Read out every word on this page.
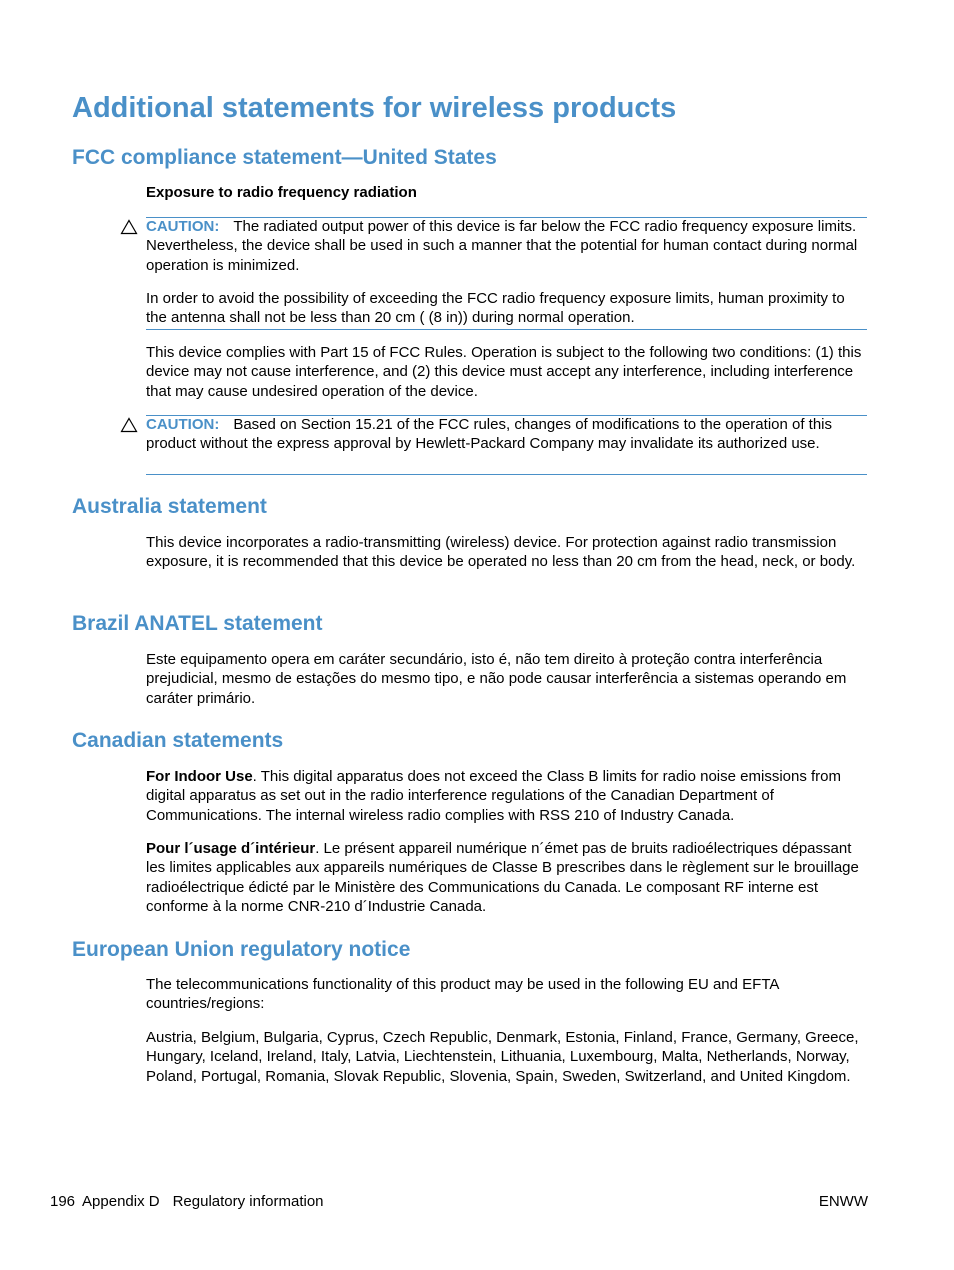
Additional statements for wireless products
FCC compliance statement—United States

Exposure to radio frequency radiation

CAUTION: The radiated output power of this device is far below the FCC radio frequency exposure limits. Nevertheless, the device shall be used in such a manner that the potential for human contact during normal operation is minimized.

In order to avoid the possibility of exceeding the FCC radio frequency exposure limits, human proximity to the antenna shall not be less than 20 cm ( (8 in)) during normal operation.

This device complies with Part 15 of FCC Rules. Operation is subject to the following two conditions: (1) this device may not cause interference, and (2) this device must accept any interference, including interference that may cause undesired operation of the device.

CAUTION: Based on Section 15.21 of the FCC rules, changes of modifications to the operation of this product without the express approval by Hewlett-Packard Company may invalidate its authorized use.

Australia statement

This device incorporates a radio-transmitting (wireless) device. For protection against radio transmission exposure, it is recommended that this device be operated no less than 20 cm from the head, neck, or body.

Brazil ANATEL statement

Este equipamento opera em caráter secundário, isto é, não tem direito à proteção contra interferência prejudicial, mesmo de estações do mesmo tipo, e não pode causar interferência a sistemas operando em caráter primário.

Canadian statements

For Indoor Use. This digital apparatus does not exceed the Class B limits for radio noise emissions from digital apparatus as set out in the radio interference regulations of the Canadian Department of Communications. The internal wireless radio complies with RSS 210 of Industry Canada.

Pour l´usage d´intérieur. Le présent appareil numérique n´émet pas de bruits radioélectriques dépassant les limites applicables aux appareils numériques de Classe B prescribes dans le règlement sur le brouillage radioélectrique édicté par le Ministère des Communications du Canada. Le composant RF interne est conforme à la norme CNR-210 d´Industrie Canada.

European Union regulatory notice

The telecommunications functionality of this product may be used in the following EU and EFTA countries/regions:

Austria, Belgium, Bulgaria, Cyprus, Czech Republic, Denmark, Estonia, Finland, France, Germany, Greece, Hungary, Iceland, Ireland, Italy, Latvia, Liechtenstein, Lithuania, Luxembourg, Malta, Netherlands, Norway, Poland, Portugal, Romania, Slovak Republic, Slovenia, Spain, Sweden, Switzerland, and United Kingdom.

196 Appendix D Regulatory information	ENWW
